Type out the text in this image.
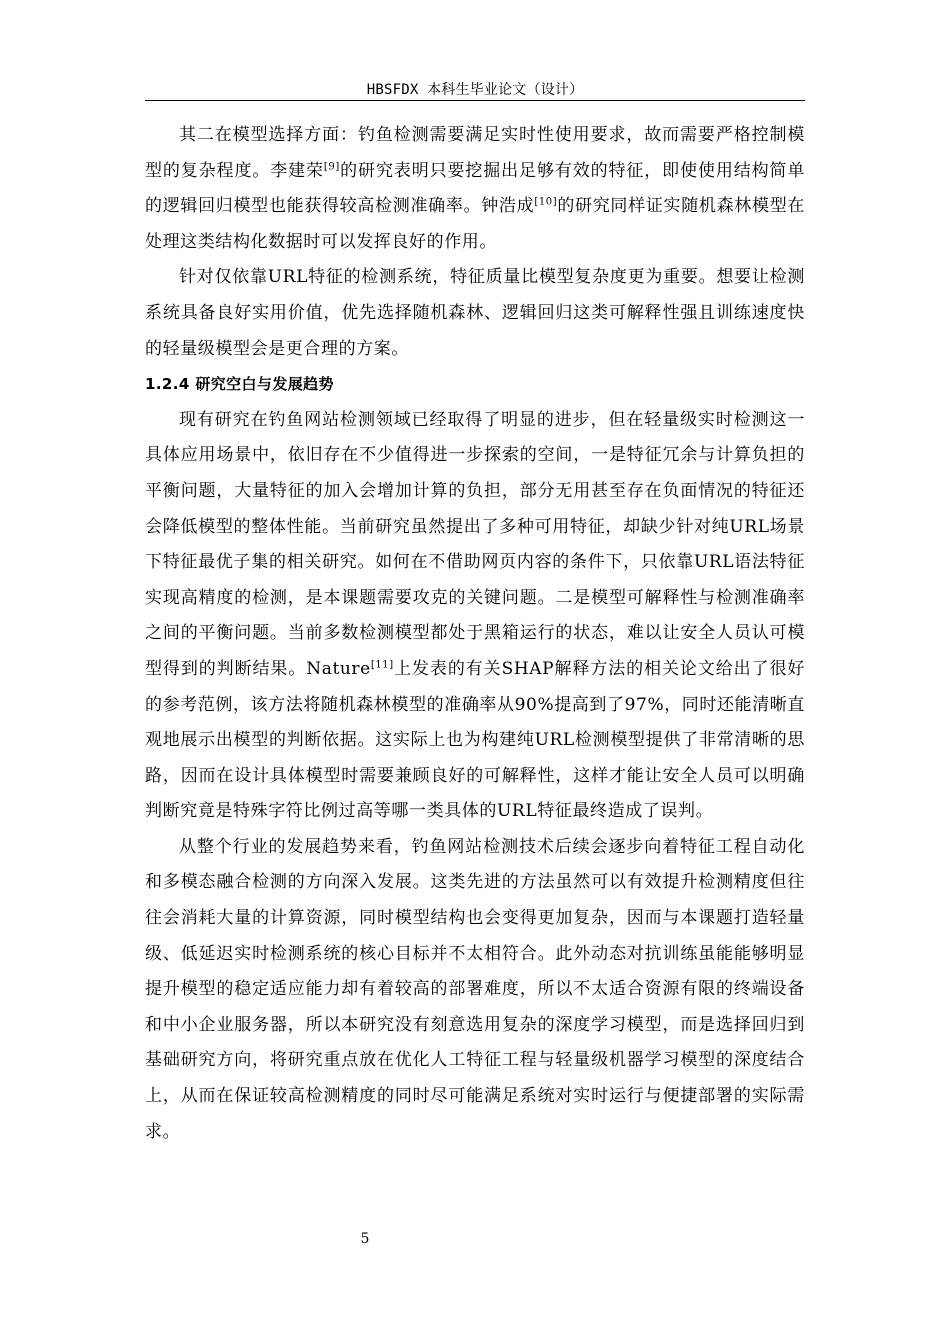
HBSFDX 本科生毕业论文（设计）

其二在模型选择方面：钓鱼检测需要满足实时性使用要求，故而需要严格控制模型的复杂程度。李建荣[9]的研究表明只要挖掘出足够有效的特征，即使使用结构简单的逻辑回归模型也能获得较高检测准确率。钟浩成[10]的研究同样证实随机森林模型在处理这类结构化数据时可以发挥良好的作用。

针对仅依靠URL特征的检测系统，特征质量比模型复杂度更为重要。想要让检测系统具备良好实用价值，优先选择随机森林、逻辑回归这类可解释性强且训练速度快的轻量级模型会是更合理的方案。

1.2.4 研究空白与发展趋势

现有研究在钓鱼网站检测领域已经取得了明显的进步，但在轻量级实时检测这一具体应用场景中，依旧存在不少值得进一步探索的空间，一是特征冗余与计算负担的平衡问题，大量特征的加入会增加计算的负担，部分无用甚至存在负面情况的特征还会降低模型的整体性能。当前研究虽然提出了多种可用特征，却缺少针对纯URL场景下特征最优子集的相关研究。如何在不借助网页内容的条件下，只依靠URL语法特征实现高精度的检测，是本课题需要攻克的关键问题。二是模型可解释性与检测准确率之间的平衡问题。当前多数检测模型都处于黑箱运行的状态，难以让安全人员认可模型得到的判断结果。Nature[11]上发表的有关SHAP解释方法的相关论文给出了很好的参考范例，该方法将随机森林模型的准确率从90%提高到了97%，同时还能清晰直观地展示出模型的判断依据。这实际上也为构建纯URL检测模型提供了非常清晰的思路，因而在设计具体模型时需要兼顾良好的可解释性，这样才能让安全人员可以明确判断究竟是特殊字符比例过高等哪一类具体的URL特征最终造成了误判。

从整个行业的发展趋势来看，钓鱼网站检测技术后续会逐步向着特征工程自动化和多模态融合检测的方向深入发展。这类先进的方法虽然可以有效提升检测精度但往往会消耗大量的计算资源，同时模型结构也会变得更加复杂，因而与本课题打造轻量级、低延迟实时检测系统的核心目标并不太相符合。此外动态对抗训练虽能能够明显提升模型的稳定适应能力却有着较高的部署难度，所以不太适合资源有限的终端设备和中小企业服务器，所以本研究没有刻意选用复杂的深度学习模型，而是选择回归到基础研究方向，将研究重点放在优化人工特征工程与轻量级机器学习模型的深度结合上，从而在保证较高检测精度的同时尽可能满足系统对实时运行与便捷部署的实际需求。

5
